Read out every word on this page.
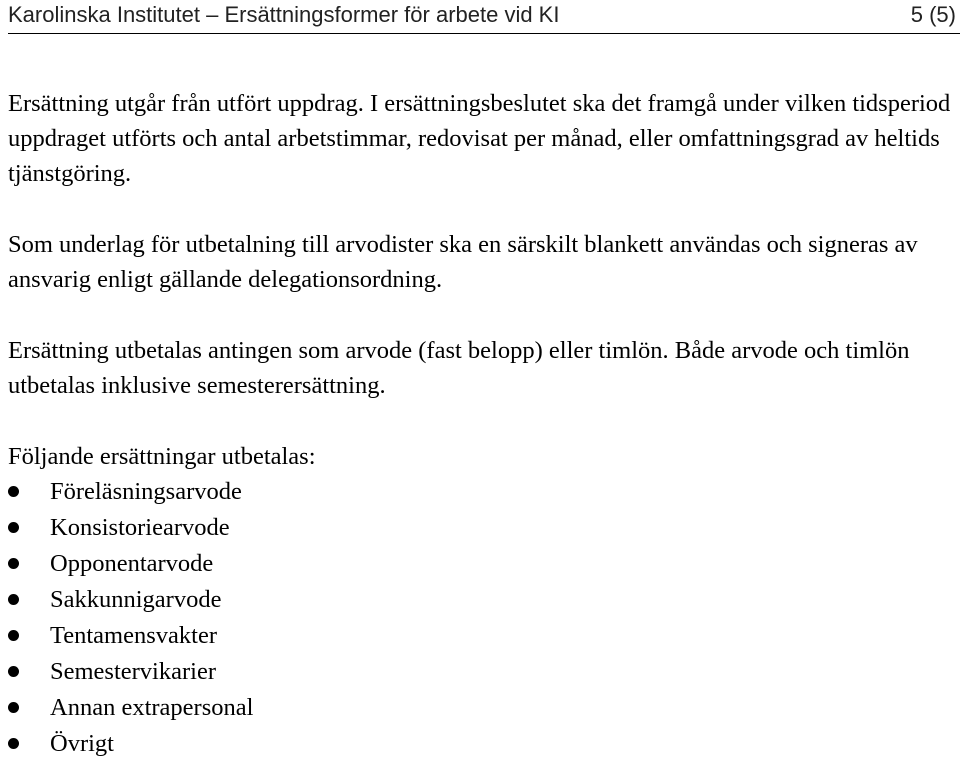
Karolinska Institutet – Ersättningsformer för arbete vid KI	5 (5)

Ersättning utgår från utfört uppdrag. I ersättningsbeslutet ska det framgå under vilken tidsperiod uppdraget utförts och antal arbetstimmar, redovisat per månad, eller omfattningsgrad av heltids tjänstgöring.

Som underlag för utbetalning till arvodister ska en särskilt blankett användas och signeras av ansvarig enligt gällande delegationsordning.

Ersättning utbetalas antingen som arvode (fast belopp) eller timlön. Både arvode och timlön utbetalas inklusive semesterersättning.

Följande ersättningar utbetalas:

Föreläsningsarvode
Konsistoriearvode
Opponentarvode
Sakkunnigarvode
Tentamensvakter
Semestervikarier
Annan extrapersonal
Övrigt
